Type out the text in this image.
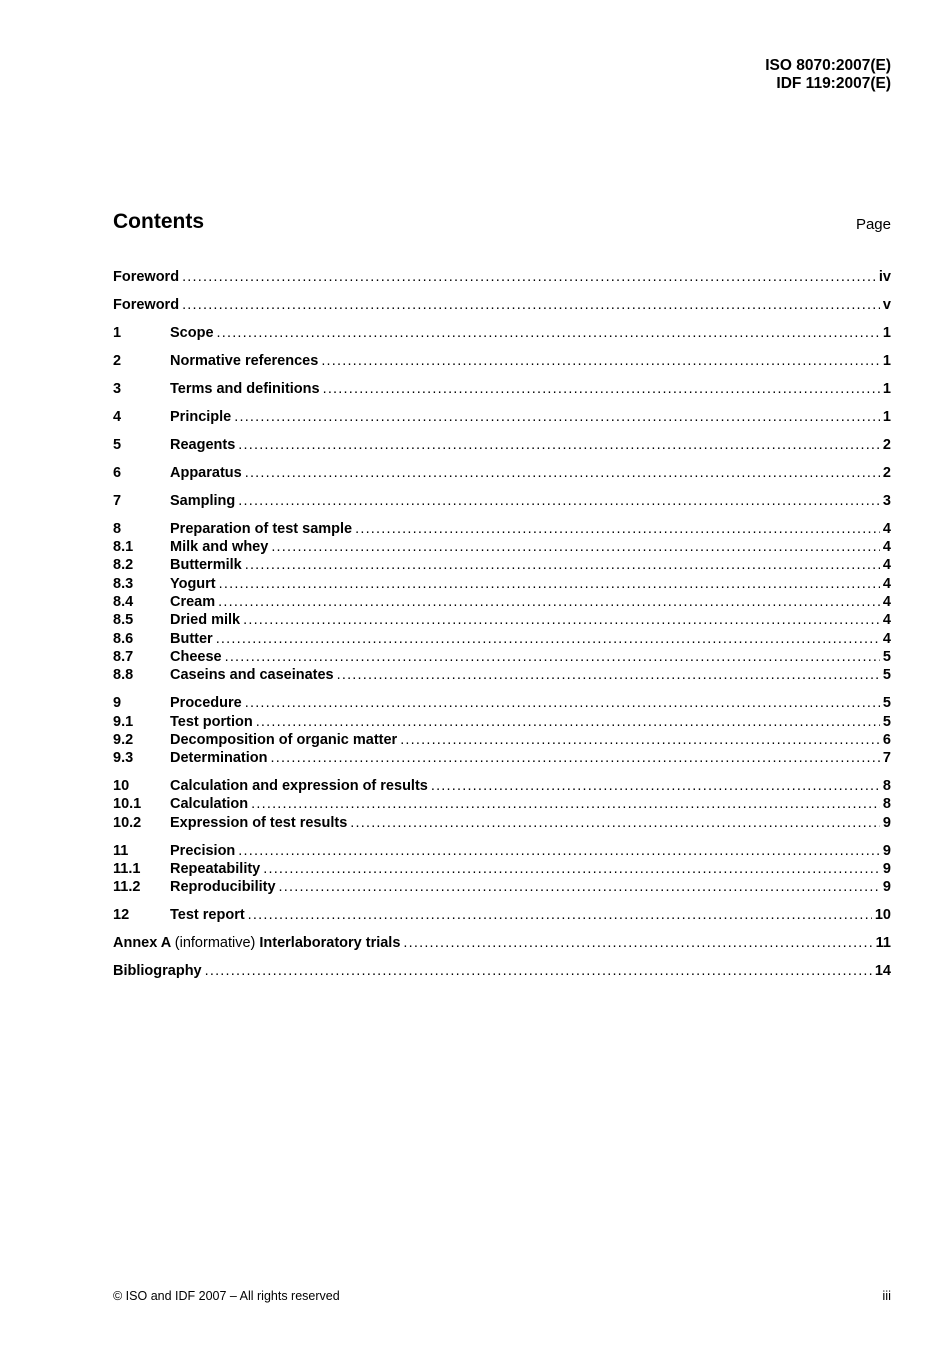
ISO 8070:2007(E)
IDF 119:2007(E)
Contents	Page
Foreword .....	iv
Foreword .....	v
1	Scope .....	1
2	Normative references .....	1
3	Terms and definitions .....	1
4	Principle .....	1
5	Reagents .....	2
6	Apparatus .....	2
7	Sampling .....	3
8	Preparation of test sample .....	4
8.1	Milk and whey .....	4
8.2	Buttermilk .....	4
8.3	Yogurt .....	4
8.4	Cream .....	4
8.5	Dried milk .....	4
8.6	Butter .....	4
8.7	Cheese .....	5
8.8	Caseins and caseinates .....	5
9	Procedure .....	5
9.1	Test portion .....	5
9.2	Decomposition of organic matter .....	6
9.3	Determination .....	7
10	Calculation and expression of results .....	8
10.1	Calculation .....	8
10.2	Expression of test results .....	9
11	Precision .....	9
11.1	Repeatability .....	9
11.2	Reproducibility .....	9
12	Test report .....	10
Annex A (informative) Interlaboratory trials .....	11
Bibliography .....	14
© ISO and IDF 2007 – All rights reserved	iii
